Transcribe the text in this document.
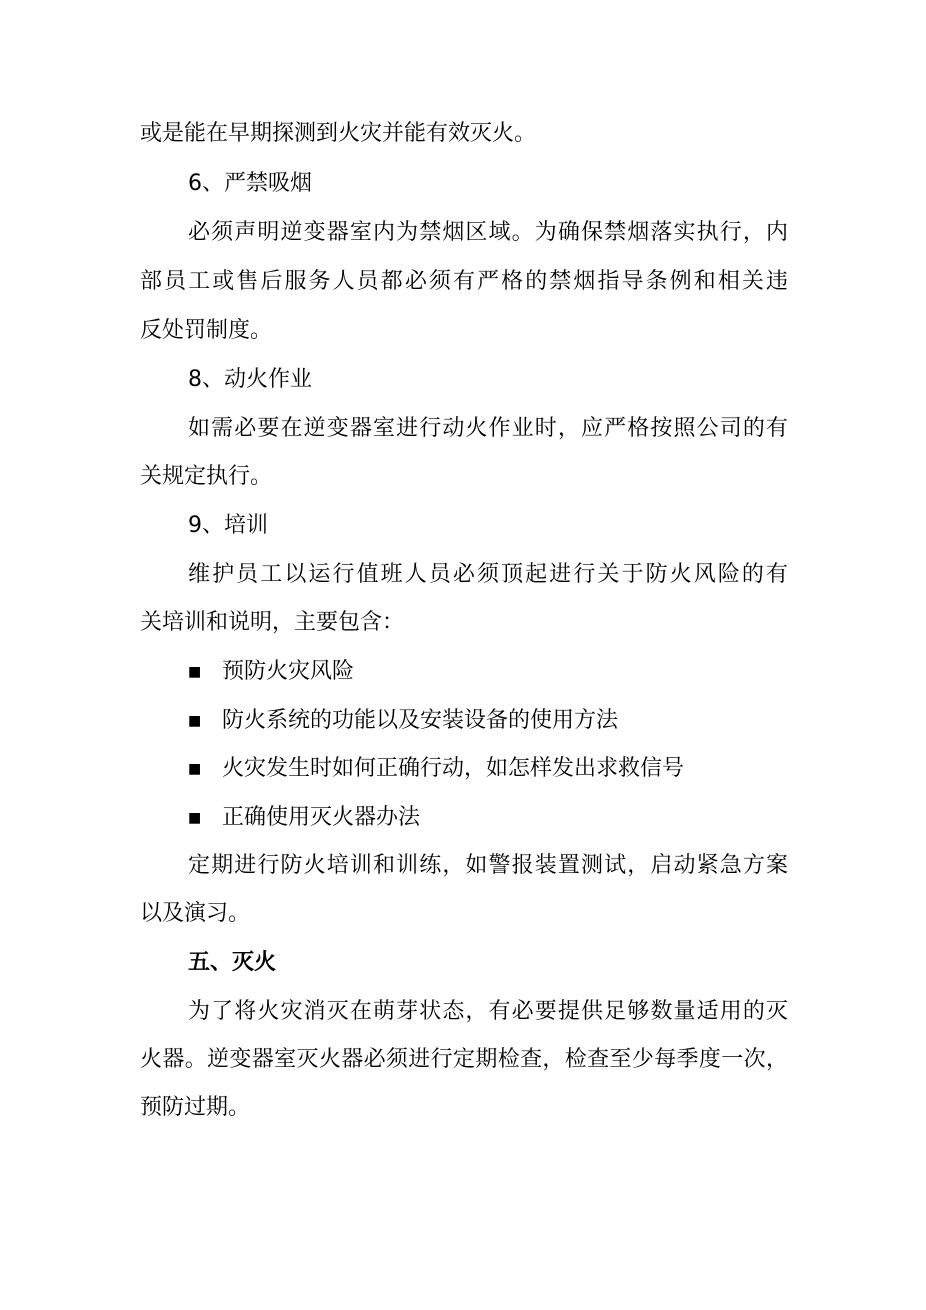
或是能在早期探测到火灾并能有效灭火。
6、严禁吸烟
必须声明逆变器室内为禁烟区域。为确保禁烟落实执行，内
部员工或售后服务人员都必须有严格的禁烟指导条例和相关违
反处罚制度。
8、动火作业
如需必要在逆变器室进行动火作业时，应严格按照公司的有
关规定执行。
9、培训
维护员工以运行值班人员必须顶起进行关于防火风险的有
关培训和说明，主要包含：
■ 预防火灾风险
■ 防火系统的功能以及安装设备的使用方法
■ 火灾发生时如何正确行动，如怎样发出求救信号
■ 正确使用灭火器办法
定期进行防火培训和训练，如警报装置测试，启动紧急方案
以及演习。
五、灭火
为了将火灾消灭在萌芽状态，有必要提供足够数量适用的灭
火器。逆变器室灭火器必须进行定期检查，检查至少每季度一次，
预防过期。
